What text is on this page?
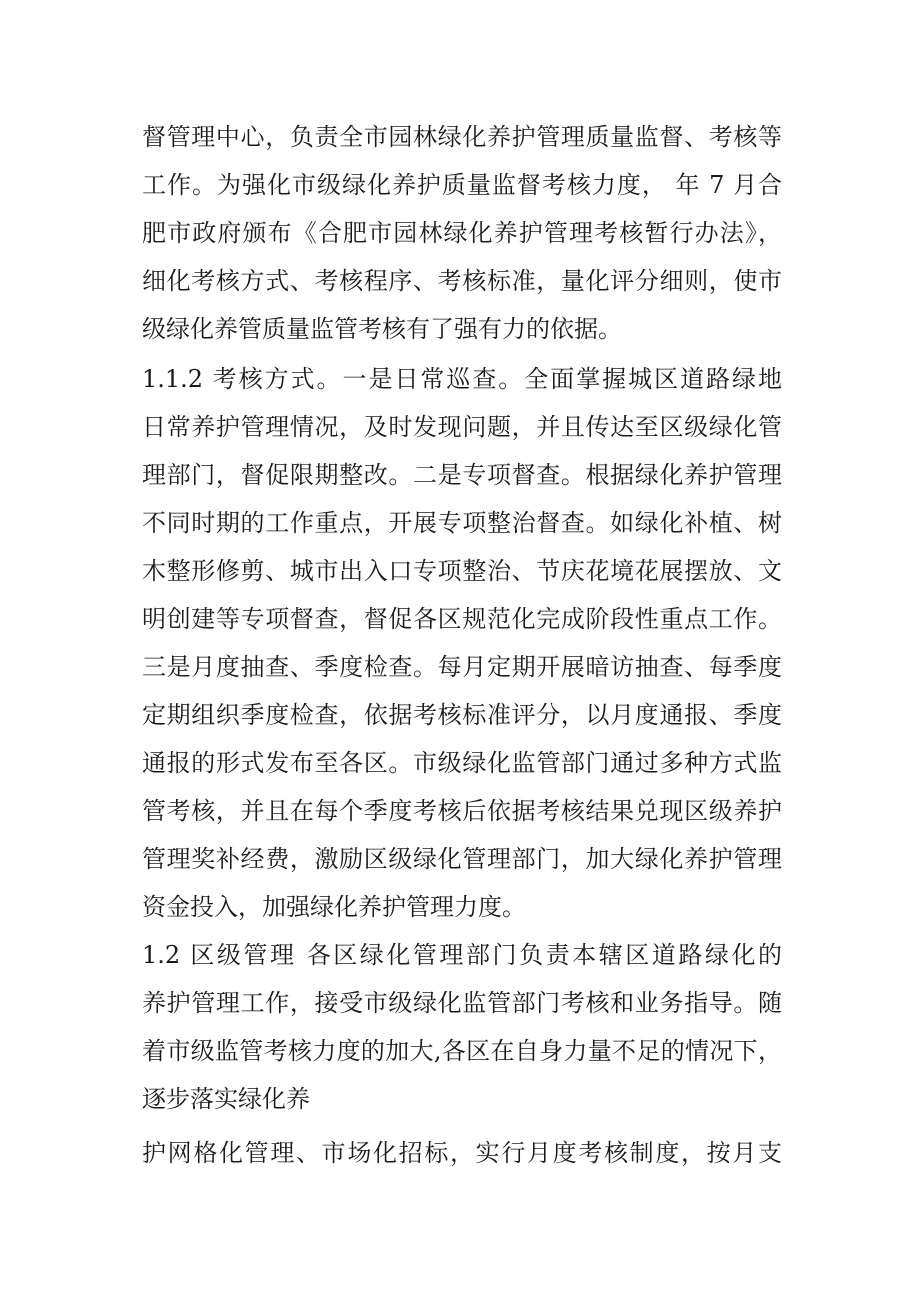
督管理中心，负责全市园林绿化养护管理质量监督、考核等
工作。为强化市级绿化养护质量监督考核力度， 年 7 月合
肥市政府颁布《合肥市园林绿化养护管理考核暂行办法》，
细化考核方式、考核程序、考核标准，量化评分细则，使市
级绿化养管质量监管考核有了强有力的依据。
1.1.2 考核方式。一是日常巡查。全面掌握城区道路绿地
日常养护管理情况，及时发现问题，并且传达至区级绿化管
理部门，督促限期整改。二是专项督查。根据绿化养护管理
不同时期的工作重点，开展专项整治督查。如绿化补植、树
木整形修剪、城市出入口专项整治、节庆花境花展摆放、文
明创建等专项督查，督促各区规范化完成阶段性重点工作。
三是月度抽查、季度检查。每月定期开展暗访抽查、每季度
定期组织季度检查，依据考核标准评分，以月度通报、季度
通报的形式发布至各区。市级绿化监管部门通过多种方式监
管考核，并且在每个季度考核后依据考核结果兑现区级养护
管理奖补经费，激励区级绿化管理部门，加大绿化养护管理
资金投入，加强绿化养护管理力度。
1.2 区级管理 各区绿化管理部门负责本辖区道路绿化的
养护管理工作，接受市级绿化监管部门考核和业务指导。随
着市级监管考核力度的加大,各区在自身力量不足的情况下，
逐步落实绿化养
护网格化管理、市场化招标，实行月度考核制度，按月支
